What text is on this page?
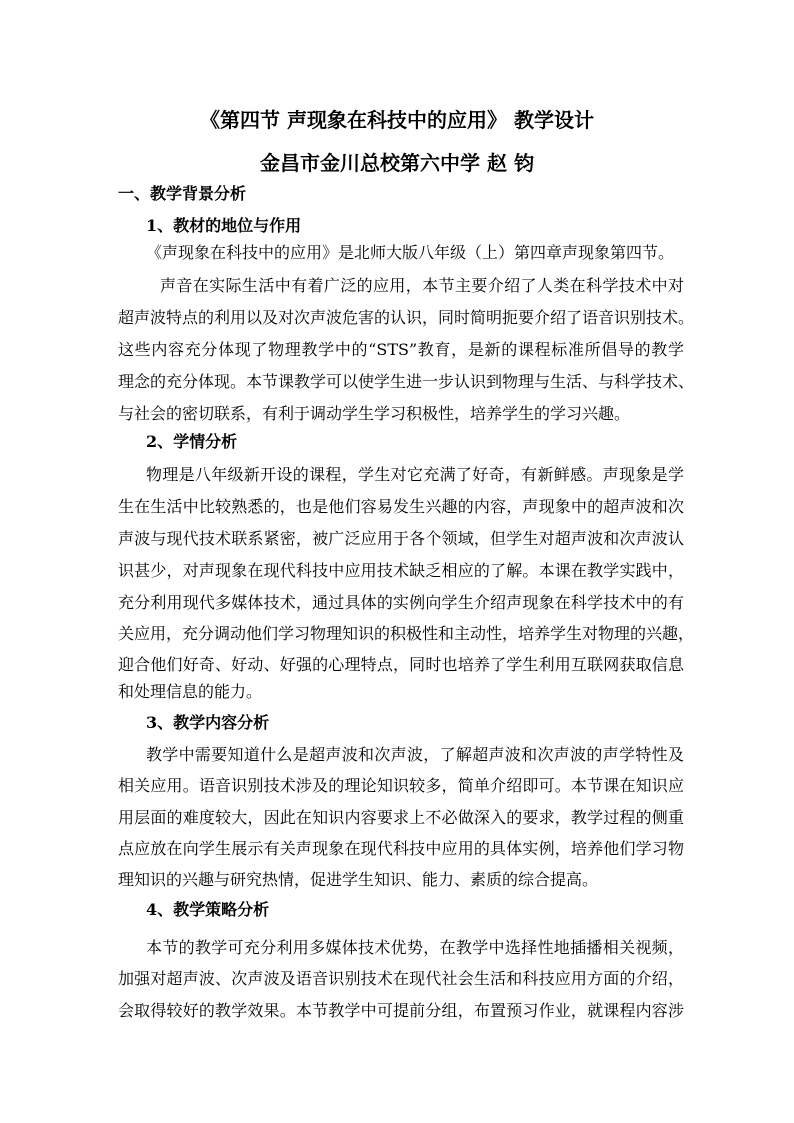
《第四节 声现象在科技中的应用》 教学设计
金昌市金川总校第六中学 赵 钧
一、教学背景分析
1、教材的地位与作用
《声现象在科技中的应用》是北师大版八年级（上）第四章声现象第四节。
声音在实际生活中有着广泛的应用，本节主要介绍了人类在科学技术中对
超声波特点的利用以及对次声波危害的认识，同时简明扼要介绍了语音识别技术。
这些内容充分体现了物理教学中的“STS”教育，是新的课程标准所倡导的教学
理念的充分体现。本节课教学可以使学生进一步认识到物理与生活、与科学技术、
与社会的密切联系，有利于调动学生学习积极性，培养学生的学习兴趣。
2、学情分析
物理是八年级新开设的课程，学生对它充满了好奇，有新鲜感。声现象是学
生在生活中比较熟悉的，也是他们容易发生兴趣的内容，声现象中的超声波和次
声波与现代技术联系紧密，被广泛应用于各个领域，但学生对超声波和次声波认
识甚少，对声现象在现代科技中应用技术缺乏相应的了解。本课在教学实践中，
充分利用现代多媒体技术，通过具体的实例向学生介绍声现象在科学技术中的有
关应用，充分调动他们学习物理知识的积极性和主动性，培养学生对物理的兴趣，
迎合他们好奇、好动、好强的心理特点，同时也培养了学生利用互联网获取信息
和处理信息的能力。
3、教学内容分析
教学中需要知道什么是超声波和次声波，了解超声波和次声波的声学特性及
相关应用。语音识别技术涉及的理论知识较多，简单介绍即可。本节课在知识应
用层面的难度较大，因此在知识内容要求上不必做深入的要求，教学过程的侧重
点应放在向学生展示有关声现象在现代科技中应用的具体实例，培养他们学习物
理知识的兴趣与研究热情，促进学生知识、能力、素质的综合提高。
4、教学策略分析
本节的教学可充分利用多媒体技术优势，在教学中选择性地插播相关视频，
加强对超声波、次声波及语音识别技术在现代社会生活和科技应用方面的介绍，
会取得较好的教学效果。本节教学中可提前分组，布置预习作业，就课程内容涉
